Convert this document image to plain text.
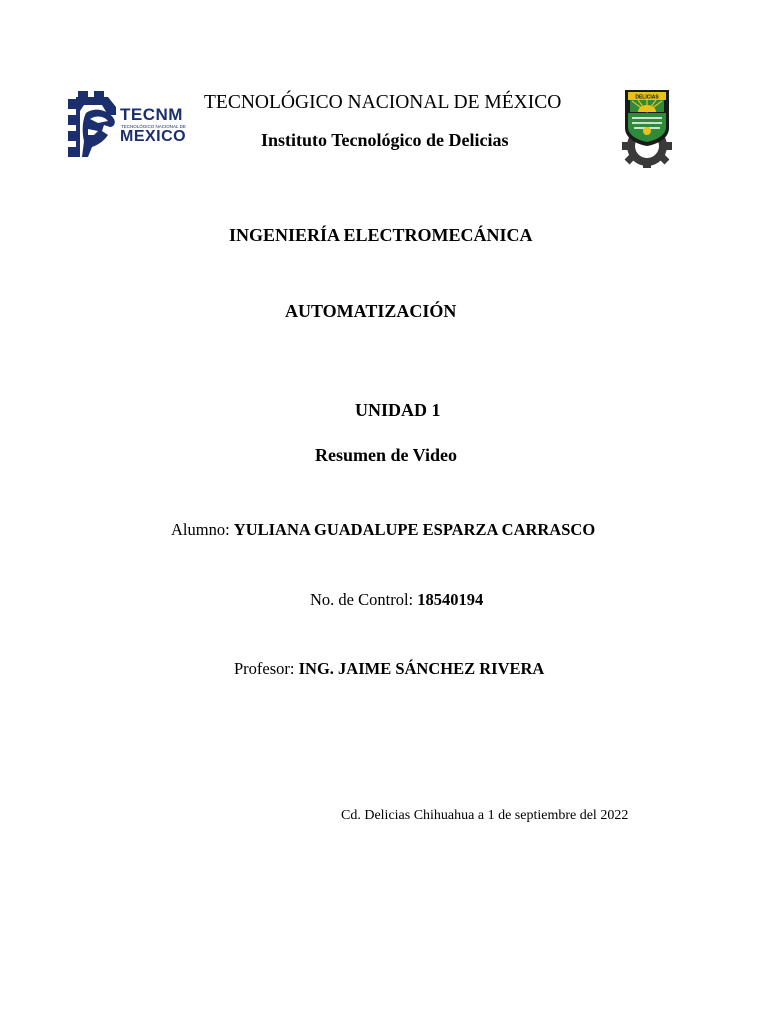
TECNM
TECNOLÓGICO NACIONAL DE
MEXICO
DELICIAS
TECNOLÓGICO NACIONAL DE MÉXICO
Instituto Tecnológico de Delicias
INGENIERÍA ELECTROMECÁNICA
AUTOMATIZACIÓN
UNIDAD 1
Resumen de Video
Alumno: YULIANA GUADALUPE ESPARZA CARRASCO
No. de Control: 18540194
Profesor: ING. JAIME SÁNCHEZ RIVERA
Cd. Delicias Chihuahua a 1 de septiembre del 2022
